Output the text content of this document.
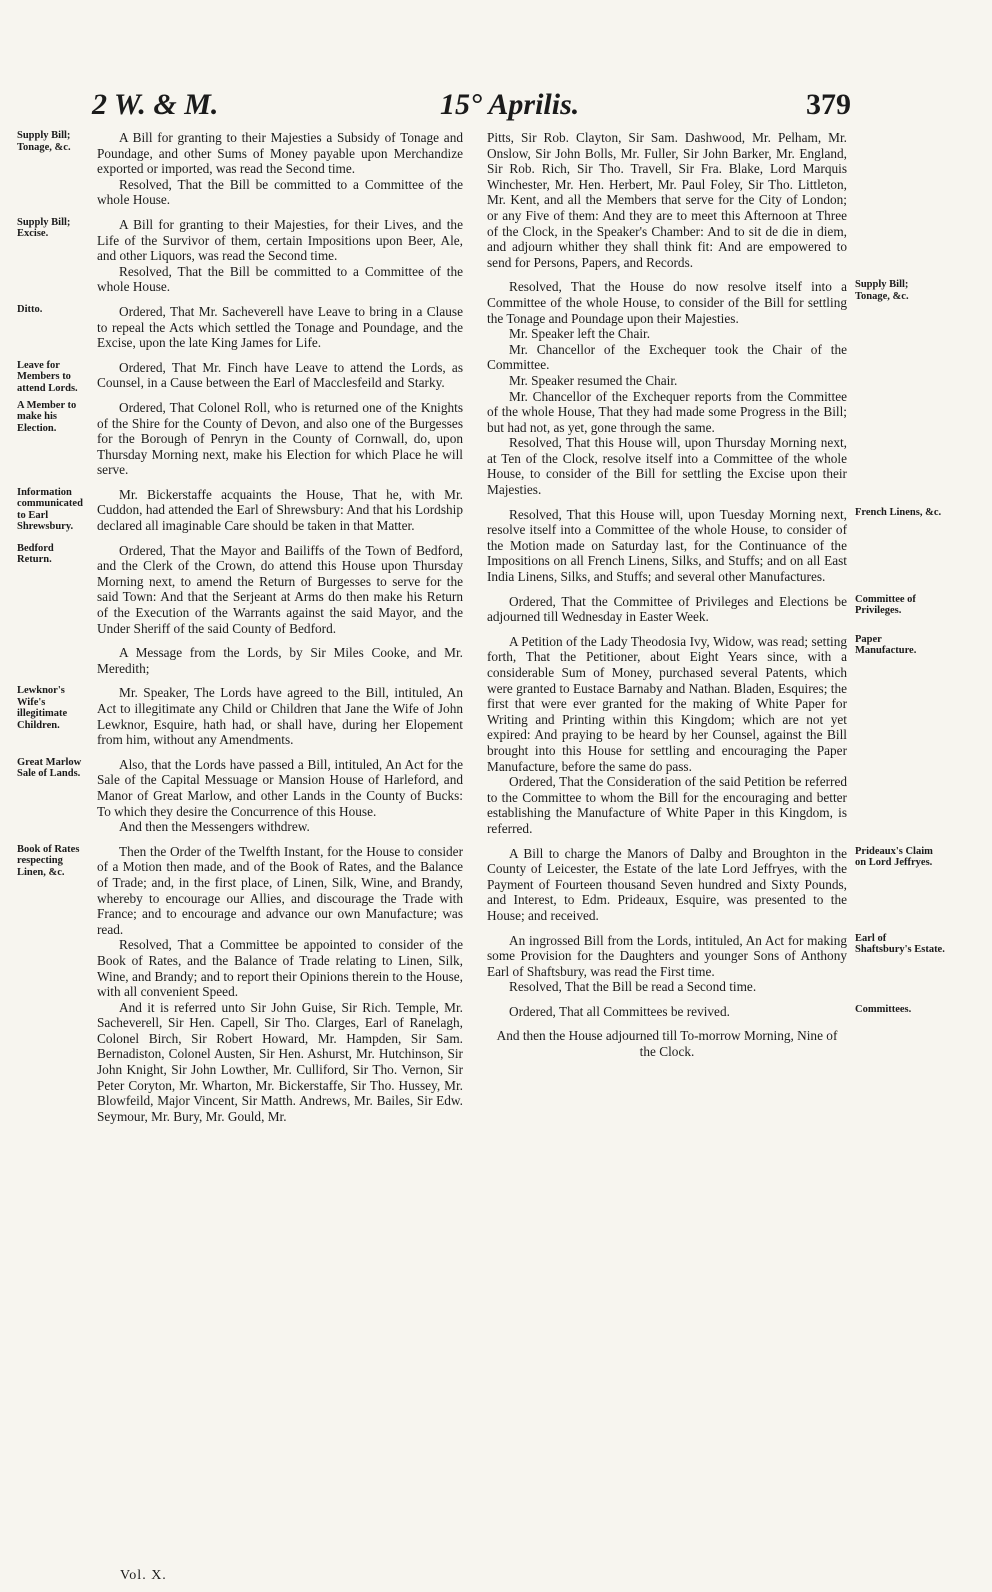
2 W. & M.	15° Aprilis.	379
Supply Bill; Tonage, &c.

A Bill for granting to their Majesties a Subsidy of Tonage and Poundage, and other Sums of Money payable upon Merchandize exported or imported, was read the Second time.

Resolved, That the Bill be committed to a Committee of the whole House.

Supply Bill; Excise.

A Bill for granting to their Majesties, for their Lives, and the Life of the Survivor of them, certain Impositions upon Beer, Ale, and other Liquors, was read the Second time.

Resolved, That the Bill be committed to a Committee of the whole House.

Ditto.	Ordered, That Mr. Sacheverell have Leave to bring in a Clause to repeal the Acts which settled the Tonage and Poundage, and the Excise, upon the late King James for Life.

Leave for Members to attend Lords.

Ordered, That Mr. Finch have Leave to attend the Lords, as Counsel, in a Cause between the Earl of Macclesfeild and Starky.

A Member to make his Election.

Ordered, That Colonel Roll, who is returned one of the Knights of the Shire for the County of Devon, and also one of the Burgesses for the Borough of Penryn in the County of Cornwall, do, upon Thursday Morning next, make his Election for which Place he will serve.

Information communicated to Earl Shrewsbury.

Mr. Bickerstaffe acquaints the House, That he, with Mr. Cuddon, had attended the Earl of Shrewsbury: And that his Lordship declared all imaginable Care should be taken in that Matter.

Bedford Return.

Ordered, That the Mayor and Bailiffs of the Town of Bedford, and the Clerk of the Crown, do attend this House upon Thursday Morning next, to amend the Return of Burgesses to serve for the said Town: And that the Serjeant at Arms do then make his Return of the Execution of the Warrants against the said Mayor, and the Under Sheriff of the said County of Bedford.

A Message from the Lords, by Sir Miles Cooke, and Mr. Meredith;

Lewknor's Wife's illegitimate Children.

Mr. Speaker, The Lords have agreed to the Bill, intituled, An Act to illegitimate any Child or Children that Jane the Wife of John Lewknor, Esquire, hath had, or shall have, during her Elopement from him, without any Amendments.

Great Marlow Sale of Lands.

Also, that the Lords have passed a Bill, intituled, An Act for the Sale of the Capital Messuage or Mansion House of Harleford, and Manor of Great Marlow, and other Lands in the County of Bucks: To which they desire the Concurrence of this House.

And then the Messengers withdrew.

Book of Rates respecting Linen, &c.

Then the Order of the Twelfth Instant, for the House to consider of a Motion then made, and of the Book of Rates, and the Balance of Trade; and, in the first place, of Linen, Silk, Wine, and Brandy, whereby to encourage our Allies, and discourage the Trade with France; and to encourage and advance our own Manufacture; was read.

Resolved, That a Committee be appointed to consider of the Book of Rates, and the Balance of Trade relating to Linen, Silk, Wine, and Brandy; and to report their Opinions therein to the House, with all convenient Speed.

And it is referred unto Sir John Guise, Sir Rich. Temple, Mr. Sacheverell, Sir Hen. Capell, Sir Tho. Clarges, Earl of Ranelagh, Colonel Birch, Sir Robert Howard, Mr. Hampden, Sir Sam. Bernadiston, Colonel Austen, Sir Hen. Ashurst, Mr. Hutchinson, Sir John Knight, Sir John Lowther, Mr. Culliford, Sir Tho. Vernon, Sir Peter Coryton, Mr. Wharton, Mr. Bickerstaffe, Sir Tho. Hussey, Mr. Blowfeild, Major Vincent, Sir Matth. Andrews, Mr. Bailes, Sir Edw. Seymour, Mr. Bury, Mr. Gould, Mr.

Pitts, Sir Rob. Clayton, Sir Sam. Dashwood, Mr. Pelham, Mr. Onslow, Sir John Bolls, Mr. Fuller, Sir John Barker, Mr. England, Sir Rob. Rich, Sir Tho. Travell, Sir Fra. Blake, Lord Marquis Winchester, Mr. Hen. Herbert, Mr. Paul Foley, Sir Tho. Littleton, Mr. Kent, and all the Members that serve for the City of London; or any Five of them: And they are to meet this Afternoon at Three of the Clock, in the Speaker's Chamber: And to sit de die in diem, and adjourn whither they shall think fit: And are empowered to send for Persons, Papers, and Records.

Supply Bill; Tonage, &c.

Resolved, That the House do now resolve itself into a Committee of the whole House, to consider of the Bill for settling the Tonage and Poundage upon their Majesties.

Mr. Speaker left the Chair.

Mr. Chancellor of the Exchequer took the Chair of the Committee.

Mr. Speaker resumed the Chair.

Mr. Chancellor of the Exchequer reports from the Committee of the whole House, That they had made some Progress in the Bill; but had not, as yet, gone through the same.

Resolved, That this House will, upon Thursday Morning next, at Ten of the Clock, resolve itself into a Committee of the whole House, to consider of the Bill for settling the Excise upon their Majesties.

French Linens, &c.

Resolved, That this House will, upon Tuesday Morning next, resolve itself into a Committee of the whole House, to consider of the Motion made on Saturday last, for the Continuance of the Impositions on all French Linens, Silks, and Stuffs; and on all East India Linens, Silks, and Stuffs; and several other Manufactures.

Committee of Privileges.

Ordered, That the Committee of Privileges and Elections be adjourned till Wednesday in Easter Week.

Paper Manufacture.

A Petition of the Lady Theodosia Ivy, Widow, was read; setting forth, That the Petitioner, about Eight Years since, with a considerable Sum of Money, purchased several Patents, which were granted to Eustace Barnaby and Nathan. Bladen, Esquires; the first that were ever granted for the making of White Paper for Writing and Printing within this Kingdom; which are not yet expired: And praying to be heard by her Counsel, against the Bill brought into this House for settling and encouraging the Paper Manufacture, before the same do pass.

Ordered, That the Consideration of the said Petition be referred to the Committee to whom the Bill for the encouraging and better establishing the Manufacture of White Paper in this Kingdom, is referred.

Prideaux's Claim on Lord Jeffryes.

A Bill to charge the Manors of Dalby and Broughton in the County of Leicester, the Estate of the late Lord Jeffryes, with the Payment of Fourteen thousand Seven hundred and Sixty Pounds, and Interest, to Edm. Prideaux, Esquire, was presented to the House; and received.

Earl of Shaftsbury's Estate.

An ingrossed Bill from the Lords, intituled, An Act for making some Provision for the Daughters and younger Sons of Anthony Earl of Shaftsbury, was read the First time.

Resolved, That the Bill be read a Second time.

Committees.

Ordered, That all Committees be revived.

And then the House adjourned till To-morrow Morning, Nine of the Clock.

Vol. X.
